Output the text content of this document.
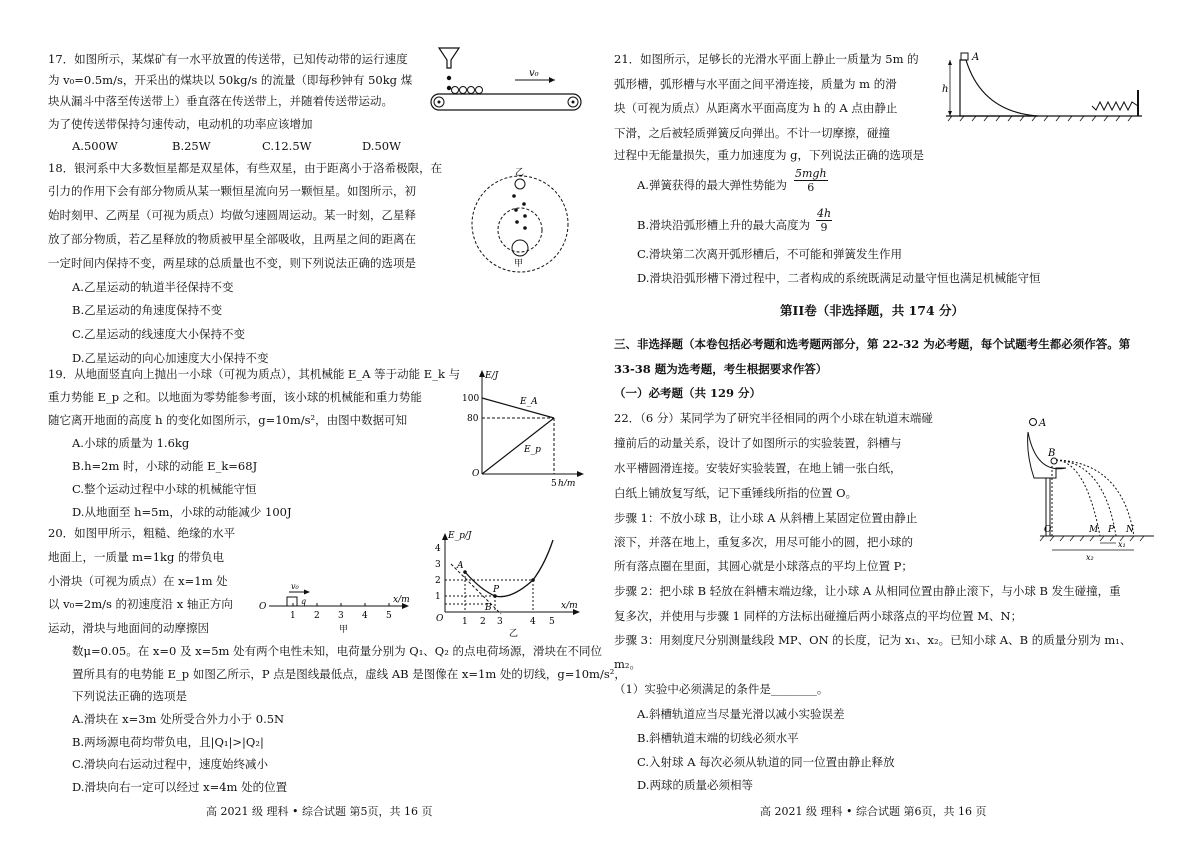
17．如图所示，某煤矿有一水平放置的传送带，已知传动带的运行速度
为 v₀=0.5m/s，开采出的煤块以 50kg/s 的流量（即每秒钟有 50kg 煤
块从漏斗中落至传送带上）垂直落在传送带上，并随着传送带运动。
为了使传送带保持匀速传动，电动机的功率应该增加
A.500W	B.25W	C.12.5W	D.50W
v₀
18．银河系中大多数恒星都是双星体，有些双星，由于距离小于洛希极限，在
引力的作用下会有部分物质从某一颗恒星流向另一颗恒星。如图所示，初
始时刻甲、乙两星（可视为质点）均做匀速圆周运动。某一时刻，乙星释
放了部分物质，若乙星释放的物质被甲星全部吸收，且两星之间的距离在
一定时间内保持不变，两星球的总质量也不变，则下列说法正确的选项是
A.乙星运动的轨道半径保持不变
B.乙星运动的角速度保持不变
C.乙星运动的线速度大小保持不变
D.乙星运动的向心加速度大小保持不变
乙
甲
19．从地面竖直向上抛出一小球（可视为质点），其机械能 E_A 等于动能 E_k 与
重力势能 E_p 之和。以地面为零势能参考面，该小球的机械能和重力势能
随它离开地面的高度 h 的变化如图所示，g=10m/s²，由图中数据可知
A.小球的质量为 1.6kg
B.h=2m 时，小球的动能 E_k=68J
C.整个运动过程中小球的机械能守恒
D.从地面至 h=5m，小球的动能减少 100J
E/J
h/m
100
80
5
O
E_A
E_p
20．如图甲所示，粗糙、绝缘的水平
地面上，一质量 m=1kg 的带负电
小滑块（可视为质点）在 x=1m 处
以 v₀=2m/s 的初速度沿 x 轴正方向
运动，滑块与地面间的动摩擦因
数μ=0.05。在 x=0 及 x=5m 处有两个电性未知，电荷量分别为 Q₁、Q₂ 的点电荷场源，滑块在不同位
置所具有的电势能 E_p 如图乙所示，P 点是图线最低点，虚线 AB 是图像在 x=1m 处的切线，g=10m/s²，
下列说法正确的选项是
A.滑块在 x=3m 处所受合外力小于 0.5N
B.两场源电荷均带负电，且|Q₁|>|Q₂|
C.滑块向右运动过程中，速度始终减小
D.滑块向右一定可以经过 x=4m 处的位置
v₀
q
O
1 2 3 4 5
x/m
甲
E_p/J
4
3
2
1
O 1 2 3	4 5
x/m
A
P
B
乙
高 2021 级 理科 • 综合试题 第5页，共 16 页
21．如图所示，足够长的光滑水平面上静止一质量为 5m 的
弧形槽，弧形槽与水平面之间平滑连接，质量为 m 的滑
块（可视为质点）从距离水平面高度为 h 的 A 点由静止
下滑，之后被轻质弹簧反向弹出。不计一切摩擦，碰撞
过程中无能量损失，重力加速度为 g，下列说法正确的选项是
A.弹簧获得的最大弹性势能为
5mgh
6
B.滑块沿弧形槽上升的最大高度为 $\frac{4h}{9}$
C.滑块第二次离开弧形槽后，不可能和弹簧发生作用
D.滑块沿弧形槽下滑过程中，二者构成的系统既满足动量守恒也满足机械能守恒
A
h
第II卷（非选择题，共 174 分）
三、非选择题（本卷包括必考题和选考题两部分，第 22-32 为必考题，每个试题考生都必须作答。第
33-38 题为选考题，考生根据要求作答）
（一）必考题（共 129 分）
22．（6 分）某同学为了研究半径相同的两个小球在轨道末端碰
撞前后的动量关系，设计了如图所示的实验装置，斜槽与
水平槽圆滑连接。安装好实验装置，在地上铺一张白纸，
白纸上铺放复写纸，记下重锤线所指的位置 O。
步骤 1：不放小球 B，让小球 A 从斜槽上某固定位置由静止
滚下，并落在地上，重复多次，用尽可能小的圆，把小球的
所有落点圈在里面，其圆心就是小球落点的平均上位置 P；
步骤 2：把小球 B 轻放在斜槽末端边缘，让小球 A 从相同位置由静止滚下，与小球 B 发生碰撞，重
复多次，并使用与步骤 1 同样的方法标出碰撞后两小球落点的平均位置 M、N；
步骤 3：用刻度尺分别测量线段 MP、ON 的长度，记为 x₁、x₂。已知小球 A、B 的质量分别为 m₁、
m₂。
（1）实验中必须满足的条件是________。
A.斜槽轨道应当尽量光滑以减小实验误差
B.斜槽轨道末端的切线必须水平
C.入射球 A 每次必须从轨道的同一位置由静止释放
D.两球的质量必须相等
A
B
O	M P N
x₂
x₁
高 2021 级 理科 • 综合试题 第6页，共 16 页
